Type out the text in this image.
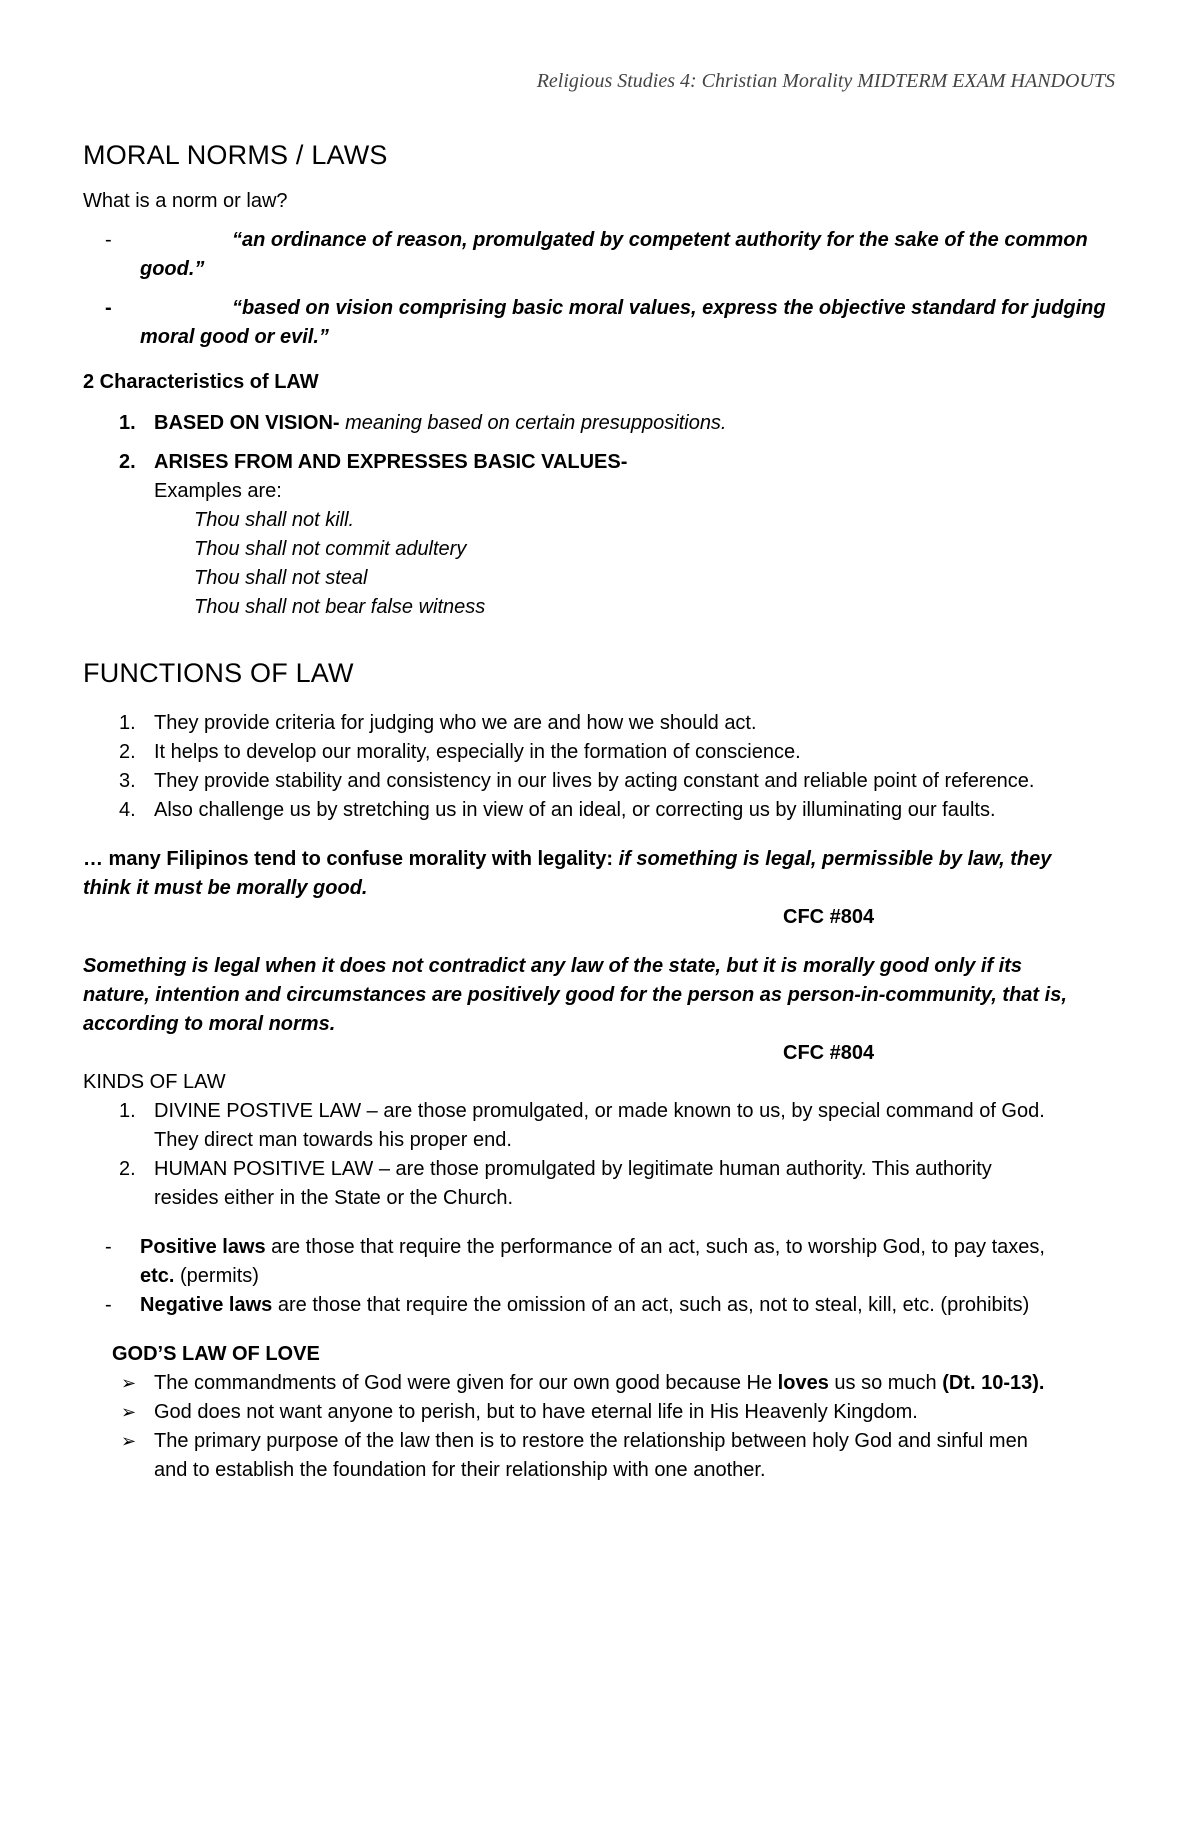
Religious Studies 4: Christian Morality MIDTERM EXAM HANDOUTS
MORAL NORMS / LAWS

What is a norm or law?

-	“an ordinance of reason, promulgated by competent authority for the sake of the common
good.”
-	“based on vision comprising basic moral values, express the objective standard for judging
moral good or evil.”

2 Characteristics of LAW

1. BASED ON VISION- meaning based on certain presuppositions.
2. ARISES FROM AND EXPRESSES BASIC VALUES-

Examples are:

Thou shall not kill.

Thou shall not commit adultery

Thou shall not steal

Thou shall not bear false witness

FUNCTIONS OF LAW
1. They provide criteria for judging who we are and how we should act.
2. It helps to develop our morality, especially in the formation of conscience.
3. They provide stability and consistency in our lives by acting constant and reliable point of reference.
4. Also challenge us by stretching us in view of an ideal, or correcting us by illuminating our faults.

… many Filipinos tend to confuse morality with legality: if something is legal, permissible by law, they

think it must be morally good.

CFC #804

Something is legal when it does not contradict any law of the state, but it is morally good only if its

nature, intention and circumstances are positively good for the person as person-in-community, that is,

according to moral norms.

CFC #804

KINDS OF LAW

1. DIVINE POSTIVE LAW – are those promulgated, or made known to us, by special command of God.

They direct man towards his proper end.

2. HUMAN POSITIVE LAW – are those promulgated by legitimate human authority. This authority

resides either in the State or the Church.

- Positive laws are those that require the performance of an act, such as, to worship God, to pay taxes,
etc. (permits)
- Negative laws are those that require the omission of an act, such as, not to steal, kill, etc. (prohibits)

GOD’S LAW OF LOVE

➢ The commandments of God were given for our own good because He loves us so much (Dt. 10-13).
➢ God does not want anyone to perish, but to have eternal life in His Heavenly Kingdom.
➢ The primary purpose of the law then is to restore the relationship between holy God and sinful men
and to establish the foundation for their relationship with one another.
